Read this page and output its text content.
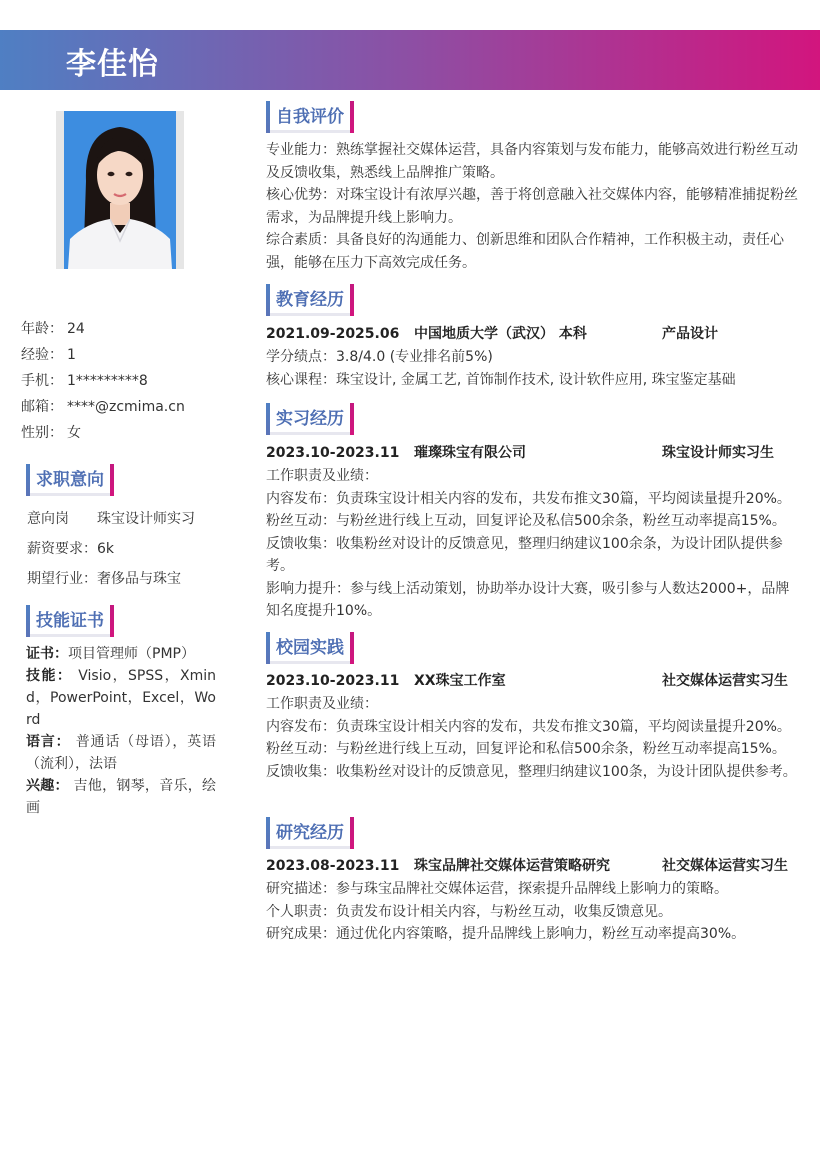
李佳怡
年龄： 24
经验： 1
手机： 1*********8
邮箱： ****@zcmima.cn
性别： 女
求职意向
意向岗	珠宝设计师实习
薪资要求： 6k
期望行业： 奢侈品与珠宝
技能证书

证书：项目管理师（PMP）

技能： Visio，SPSS，Xmind，PowerPoint，Excel，Word

语言： 普通话（母语），英语（流利），法语

兴趣： 吉他，钢琴，音乐，绘画

自我评价

专业能力：熟练掌握社交媒体运营，具备内容策划与发布能力，能够高效进行粉丝互动及反馈收集，熟悉线上品牌推广策略。

核心优势：对珠宝设计有浓厚兴趣，善于将创意融入社交媒体内容，能够精准捕捉粉丝需求，为品牌提升线上影响力。

综合素质：具备良好的沟通能力、创新思维和团队合作精神，工作积极主动，责任心强，能够在压力下高效完成任务。

教育经历
2021.09-2025.06	中国地质大学（武汉） 本科	产品设计

学分绩点：3.8/4.0 (专业排名前5%)

核心课程：珠宝设计, 金属工艺, 首饰制作技术, 设计软件应用, 珠宝鉴定基础

实习经历
2023.10-2023.11	璀璨珠宝有限公司	珠宝设计师实习生

工作职责及业绩：

内容发布：负责珠宝设计相关内容的发布，共发布推文30篇，平均阅读量提升20%。

粉丝互动：与粉丝进行线上互动，回复评论及私信500余条，粉丝互动率提高15%。

反馈收集：收集粉丝对设计的反馈意见，整理归纳建议100余条，为设计团队提供参考。

影响力提升：参与线上活动策划，协助举办设计大赛，吸引参与人数达2000+，品牌知名度提升10%。

校园实践
2023.10-2023.11	XX珠宝工作室	社交媒体运营实习生

工作职责及业绩：

内容发布：负责珠宝设计相关内容的发布，共发布推文30篇，平均阅读量提升20%。

粉丝互动：与粉丝进行线上互动，回复评论和私信500余条，粉丝互动率提高15%。

反馈收集：收集粉丝对设计的反馈意见，整理归纳建议100条，为设计团队提供参考。

研究经历
2023.08-2023.11	珠宝品牌社交媒体运营策略研究	社交媒体运营实习生

研究描述：参与珠宝品牌社交媒体运营，探索提升品牌线上影响力的策略。

个人职责：负责发布设计相关内容，与粉丝互动，收集反馈意见。

研究成果：通过优化内容策略，提升品牌线上影响力，粉丝互动率提高30%。
